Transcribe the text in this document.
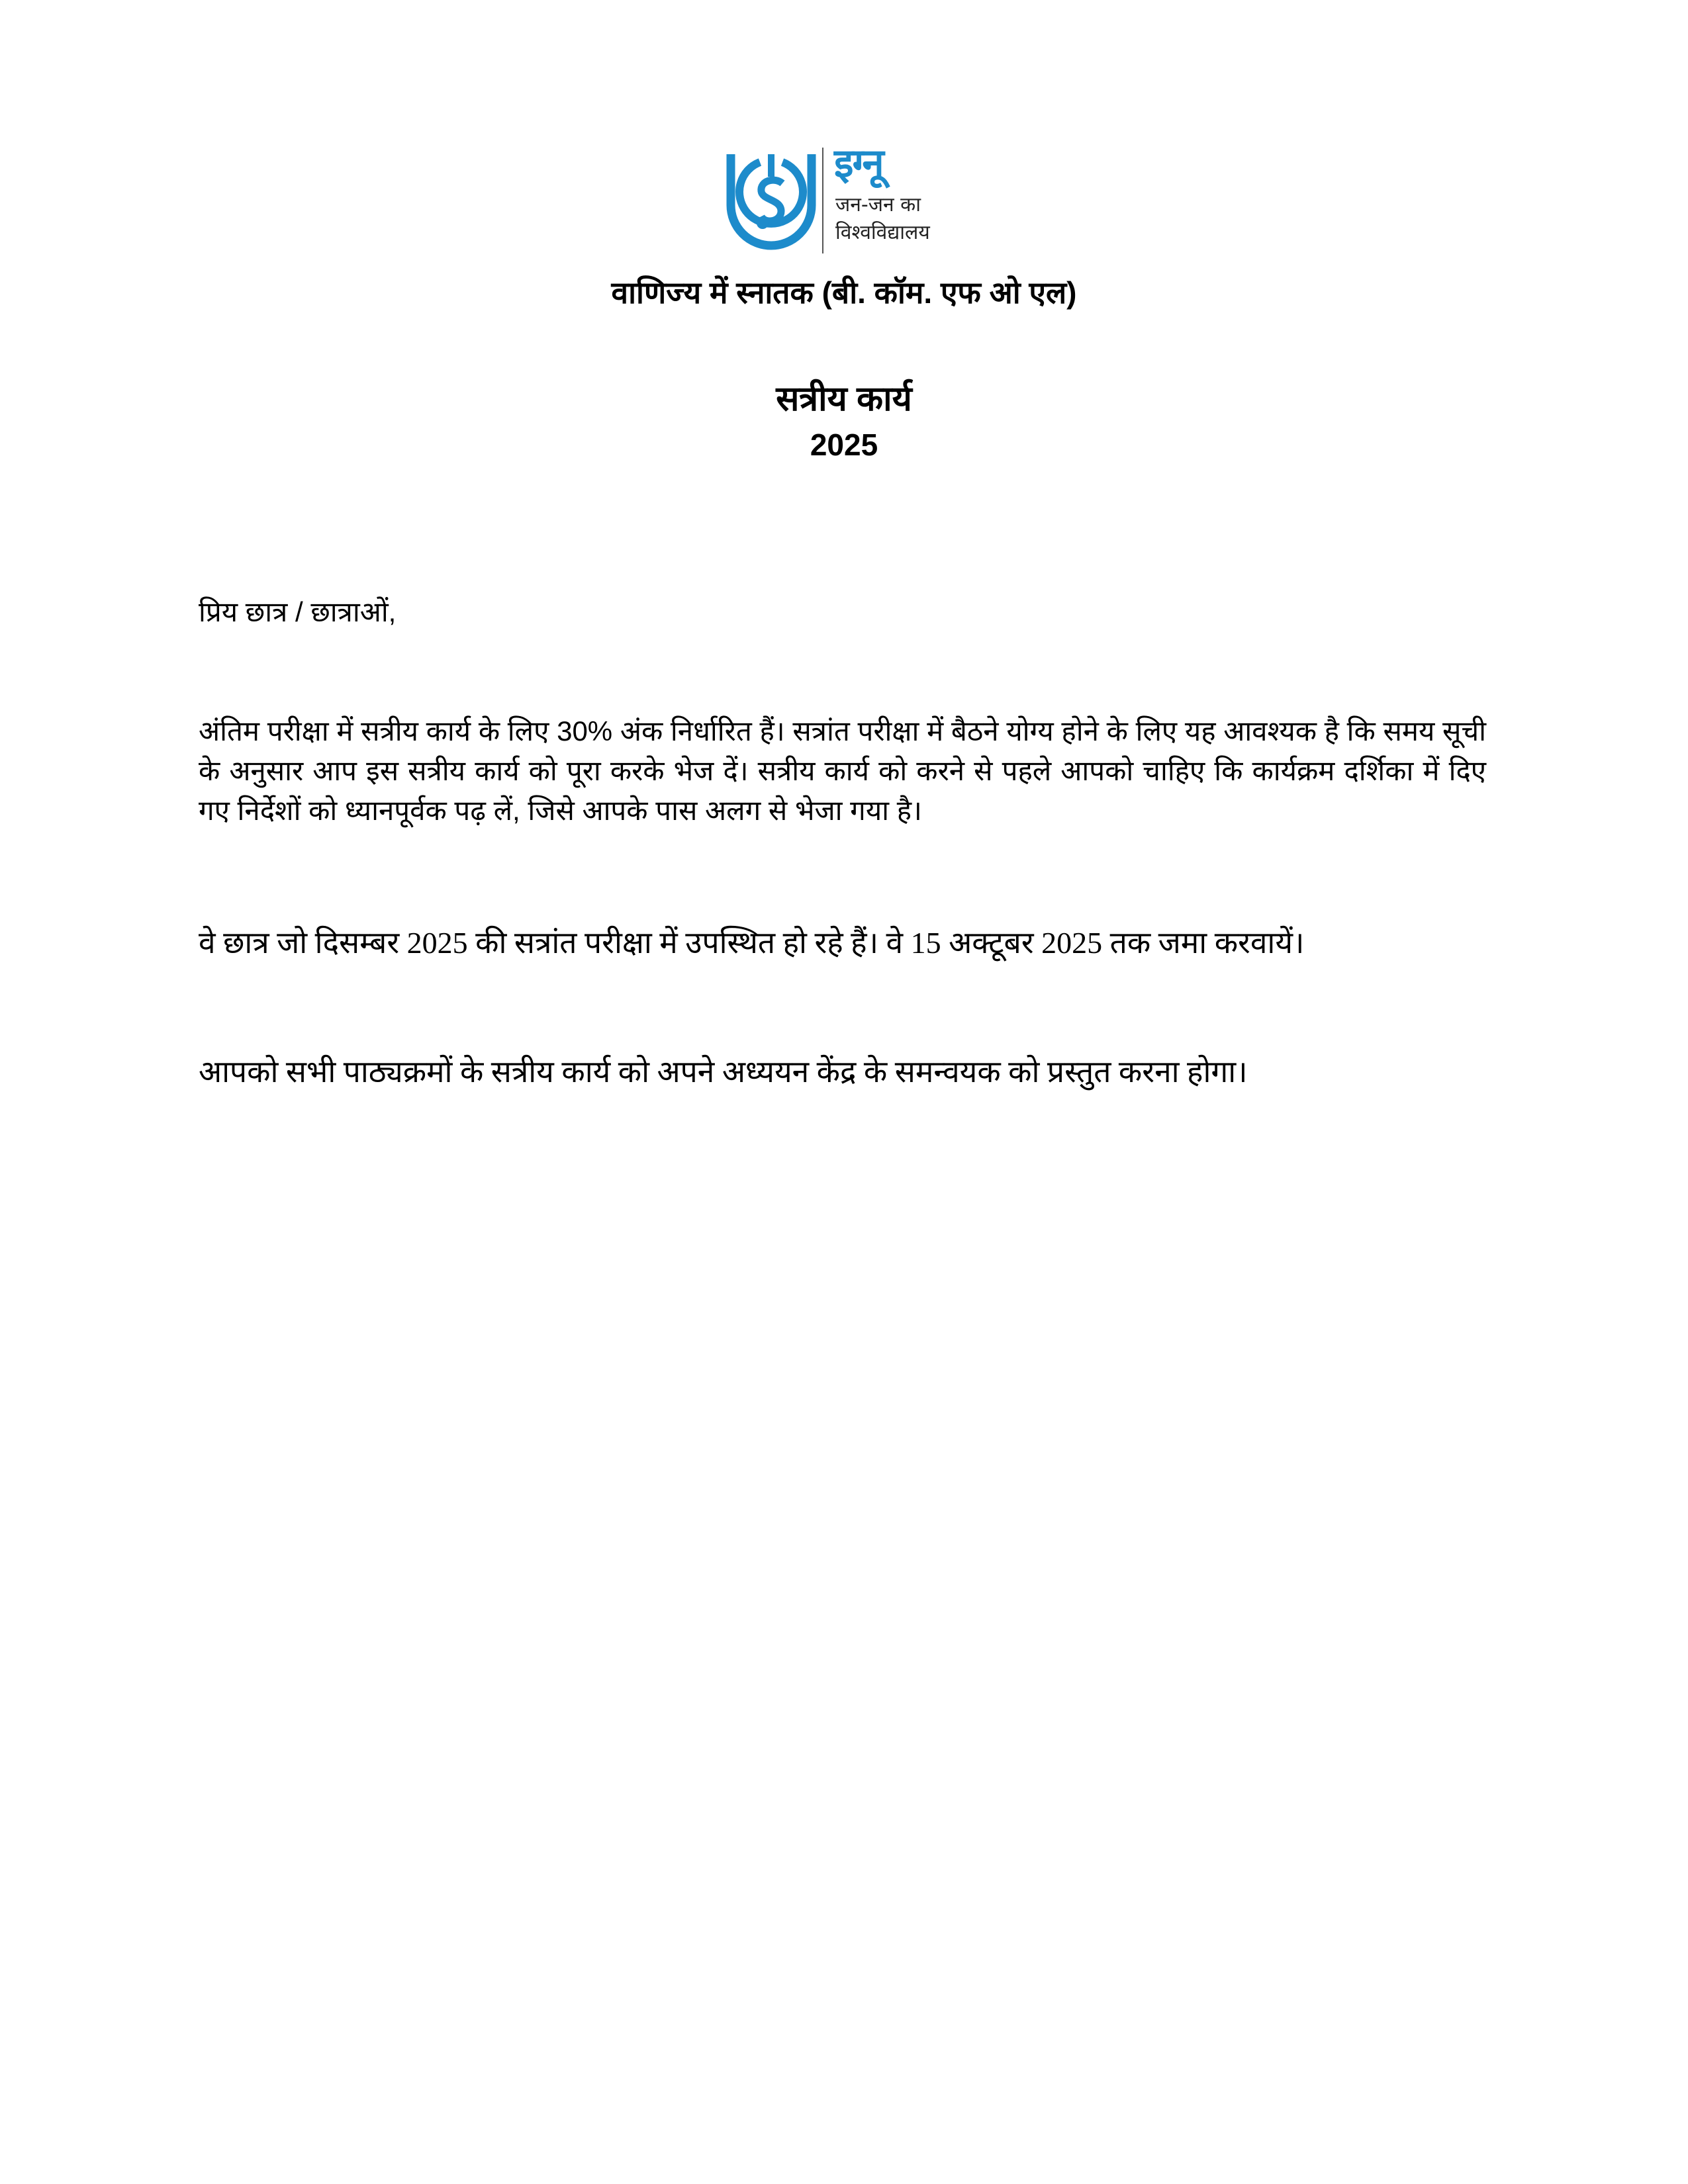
इग्नू
जन-जन का
विश्वविद्यालय
वाणिज्य में स्नातक (बी. कॉम. एफ ओ एल)
सत्रीय कार्य
2025
प्रिय छात्र / छात्राओं,

अंतिम परीक्षा में सत्रीय कार्य के लिए 30% अंक निर्धारित हैं। सत्रांत परीक्षा में बैठने योग्य होने के लिए यह आवश्यक है कि समय सूची के अनुसार आप इस सत्रीय कार्य को पूरा करके भेज दें। सत्रीय कार्य को करने से पहले आपको चाहिए कि कार्यक्रम दर्शिका में दिए गए निर्देशों को ध्यानपूर्वक पढ़ लें, जिसे आपके पास अलग से भेजा गया है।

वे छात्र जो दिसम्बर 2025 की सत्रांत परीक्षा में उपस्थित हो रहे हैं। वे 15 अक्टूबर 2025 तक जमा करवायें।

आपको सभी पाठ्यक्रमों के सत्रीय कार्य को अपने अध्ययन केंद्र के समन्वयक को प्रस्तुत करना होगा।
